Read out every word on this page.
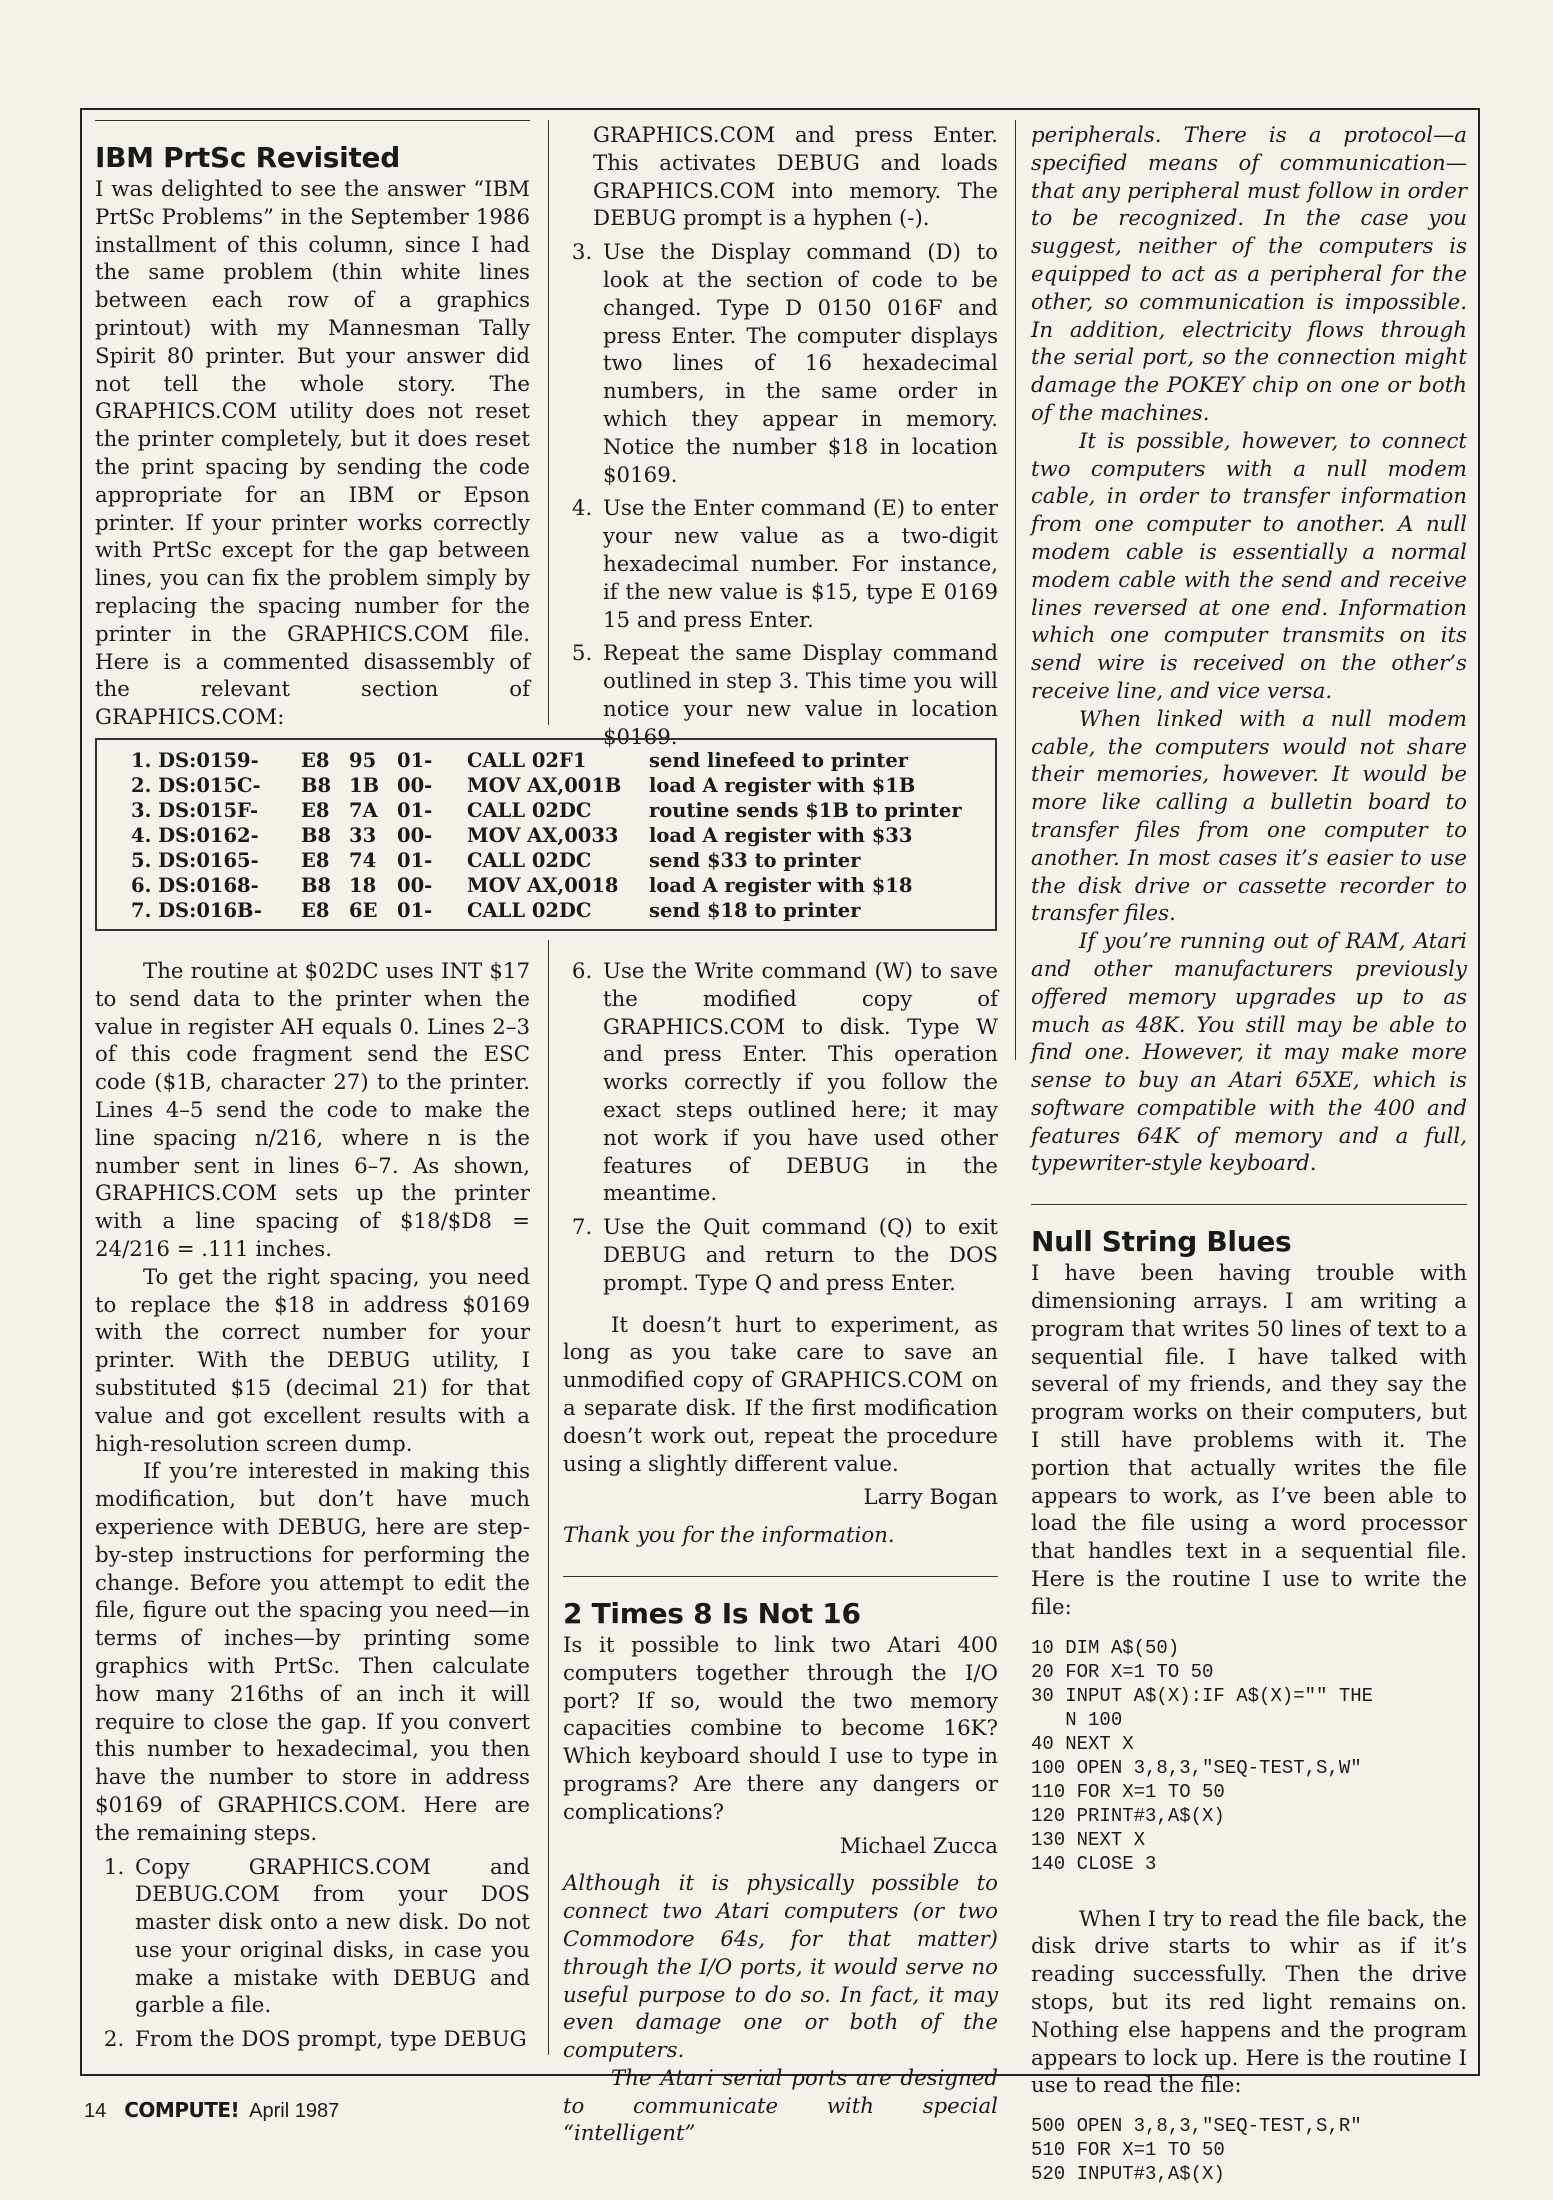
IBM PrtSc Revisited

I was delighted to see the answer “IBM PrtSc Problems” in the September 1986 installment of this column, since I had the same problem (thin white lines between each row of a graphics printout) with my Mannesman Tally Spirit 80 printer. But your answer did not tell the whole story. The GRAPHICS.COM utility does not reset the printer completely, but it does reset the print spacing by sending the code appropriate for an IBM or Epson printer. If your printer works correctly with PrtSc except for the gap between lines, you can fix the problem simply by replacing the spacing number for the printer in the GRAPHICS.COM file. Here is a commented disassembly of the relevant section of GRAPHICS.COM:

GRAPHICS.COM and press Enter. This activates DEBUG and loads GRAPHICS.COM into memory. The DEBUG prompt is a hyphen (-).

3. Use the Display command (D) to look at the section of code to be changed. Type D 0150 016F and press Enter. The computer displays two lines of 16 hexadecimal numbers, in the same order in which they appear in memory. Notice the number $18 in location $0169.
4. Use the Enter command (E) to enter your new value as a two-digit hexadecimal number. For instance, if the new value is $15, type E 0169 15 and press Enter.
5. Repeat the same Display command outlined in step 3. This time you will notice your new value in location $0169.

peripherals. There is a protocol—a specified means of communication—that any peripheral must follow in order to be recognized. In the case you suggest, neither of the computers is equipped to act as a peripheral for the other, so communication is impossible. In addition, electricity flows through the serial port, so the connection might damage the POKEY chip on one or both of the machines.

It is possible, however, to connect two computers with a null modem cable, in order to transfer information from one computer to another. A null modem cable is essentially a normal modem cable with the send and receive lines reversed at one end. Information which one computer transmits on its send wire is received on the other’s receive line, and vice versa.

When linked with a null modem cable, the computers would not share their memories, however. It would be more like calling a bulletin board to transfer files from one computer to another. In most cases it’s easier to use the disk drive or cassette recorder to transfer files.

If you’re running out of RAM, Atari and other manufacturers previously offered memory upgrades up to as much as 48K. You still may be able to find one. However, it may make more sense to buy an Atari 65XE, which is software compatible with the 400 and features 64K of memory and a full, typewriter-style keyboard.

Null String Blues

I have been having trouble with dimensioning arrays. I am writing a program that writes 50 lines of text to a sequential file. I have talked with several of my friends, and they say the program works on their computers, but I still have problems with it. The portion that actually writes the file appears to work, as I’ve been able to load the file using a word processor that handles text in a sequential file. Here is the routine I use to write the file:

10 DIM A$(50)
20 FOR X=1 TO 50
30 INPUT A$(X):IF A$(X)="" THE
N 100
40 NEXT X
100 OPEN 3,8,3,"SEQ-TEST,S,W"
110 FOR X=1 TO 50
120 PRINT#3,A$(X)
130 NEXT X
140 CLOSE 3

When I try to read the file back, the disk drive starts to whir as if it’s reading successfully. Then the drive stops, but its red light remains on. Nothing else happens and the program appears to lock up. Here is the routine I use to read the file:

500 OPEN 3,8,3,"SEQ-TEST,S,R"
510 FOR X=1 TO 50
520 INPUT#3,A$(X)
1. DS:0159-	E8	95	01-	CALL 02F1	send linefeed to printer
2. DS:015C-	B8	1B	00-	MOV AX,001B	load A register with $1B
3. DS:015F-	E8	7A	01-	CALL 02DC	routine sends $1B to printer
4. DS:0162-	B8	33	00-	MOV AX,0033	load A register with $33
5. DS:0165-	E8	74	01-	CALL 02DC	send $33 to printer
6. DS:0168-	B8	18	00-	MOV AX,0018	load A register with $18
7. DS:016B-	E8	6E	01-	CALL 02DC	send $18 to printer

The routine at $02DC uses INT $17 to send data to the printer when the value in register AH equals 0. Lines 2–3 of this code fragment send the ESC code ($1B, character 27) to the printer. Lines 4–5 send the code to make the line spacing n/216, where n is the number sent in lines 6–7. As shown, GRAPHICS.COM sets up the printer with a line spacing of $18/$D8 = 24/216 = .111 inches.

To get the right spacing, you need to replace the $18 in address $0169 with the correct number for your printer. With the DEBUG utility, I substituted $15 (decimal 21) for that value and got excellent results with a high-resolution screen dump.

If you’re interested in making this modification, but don’t have much experience with DEBUG, here are step-by-step instructions for performing the change. Before you attempt to edit the file, figure out the spacing you need—in terms of inches—by printing some graphics with PrtSc. Then calculate how many 216ths of an inch it will require to close the gap. If you convert this number to hexadecimal, you then have the number to store in address $0169 of GRAPHICS.COM. Here are the remaining steps.

1. Copy GRAPHICS.COM and DEBUG.COM from your DOS master disk onto a new disk. Do not use your original disks, in case you make a mistake with DEBUG and garble a file.
2. From the DOS prompt, type DEBUG
6. Use the Write command (W) to save the modified copy of GRAPHICS.COM to disk. Type W and press Enter. This operation works correctly if you follow the exact steps outlined here; it may not work if you have used other features of DEBUG in the meantime.
7. Use the Quit command (Q) to exit DEBUG and return to the DOS prompt. Type Q and press Enter.

It doesn’t hurt to experiment, as long as you take care to save an unmodified copy of GRAPHICS.COM on a separate disk. If the first modification doesn’t work out, repeat the procedure using a slightly different value.

Larry Bogan

Thank you for the information.

2 Times 8 Is Not 16

Is it possible to link two Atari 400 computers together through the I/O port? If so, would the two memory capacities combine to become 16K? Which keyboard should I use to type in programs? Are there any dangers or complications?

Michael Zucca

Although it is physically possible to connect two Atari computers (or two Commodore 64s, for that matter) through the I/O ports, it would serve no useful purpose to do so. In fact, it may even damage one or both of the computers.

The Atari serial ports are designed to communicate with special “intelligent”

14 COMPUTE! April 1987
